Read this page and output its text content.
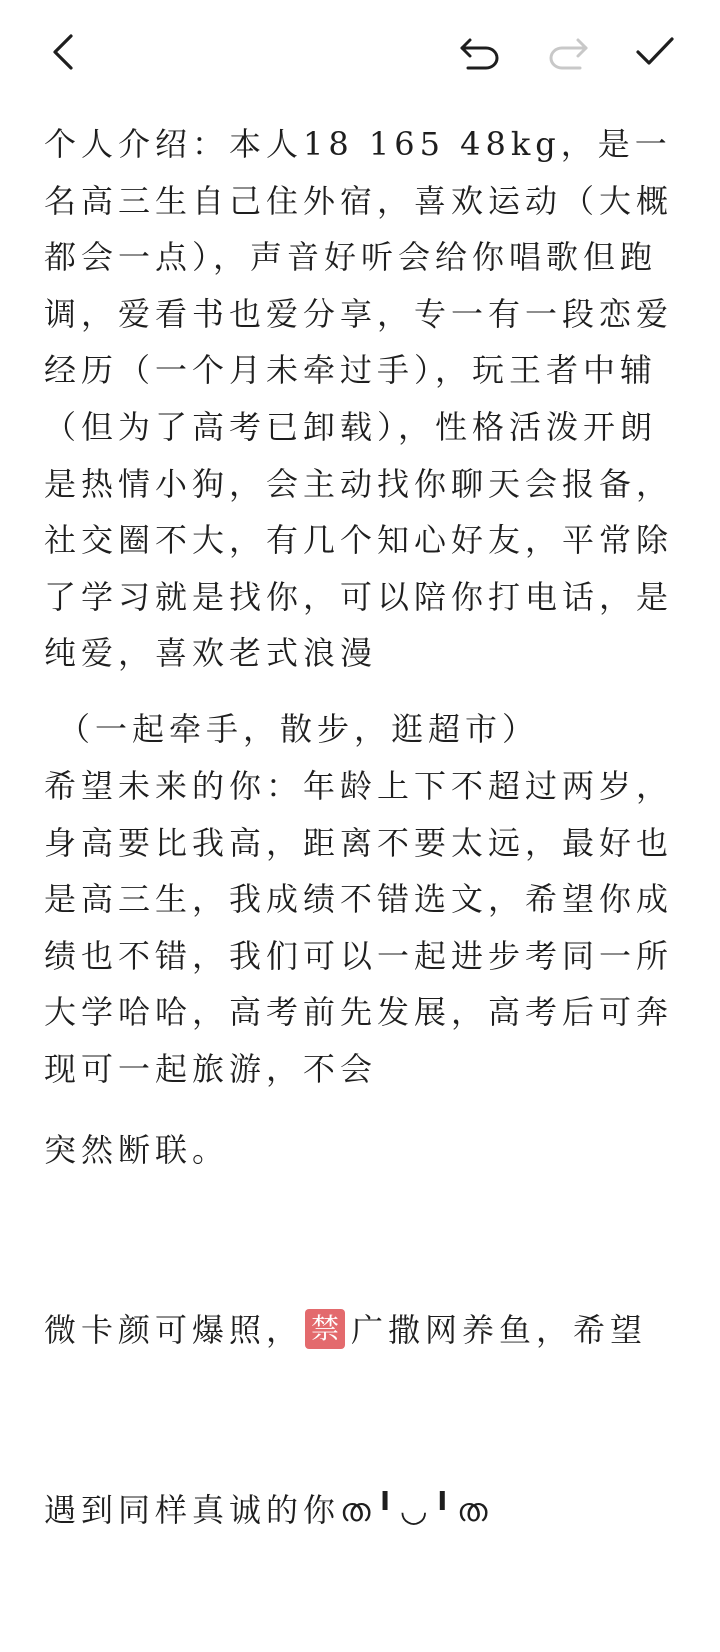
个人介绍：本人18 165 48kg，是一名高三生自己住外宿，喜欢运动（大概都会一点），声音好听会给你唱歌但跑调，爱看书也爱分享，专一有一段恋爱经历（一个月未牵过手），玩王者中辅（但为了高考已卸载），性格活泼开朗是热情小狗，会主动找你聊天会报备，社交圈不大，有几个知心好友，平常除了学习就是找你，可以陪你打电话，是纯爱，喜欢老式浪漫

（一起牵手，散步，逛超市）

希望未来的你：年龄上下不超过两岁，身高要比我高，距离不要太远，最好也是高三生，我成绩不错选文，希望你成绩也不错，我们可以一起进步考同一所大学哈哈，高考前先发展，高考后可奔现可一起旅游，不会

突然断联。

微卡颜可爆照， 禁 广撒网养鱼，希望

遇到同样真诚的你ത╹◡╹ത
